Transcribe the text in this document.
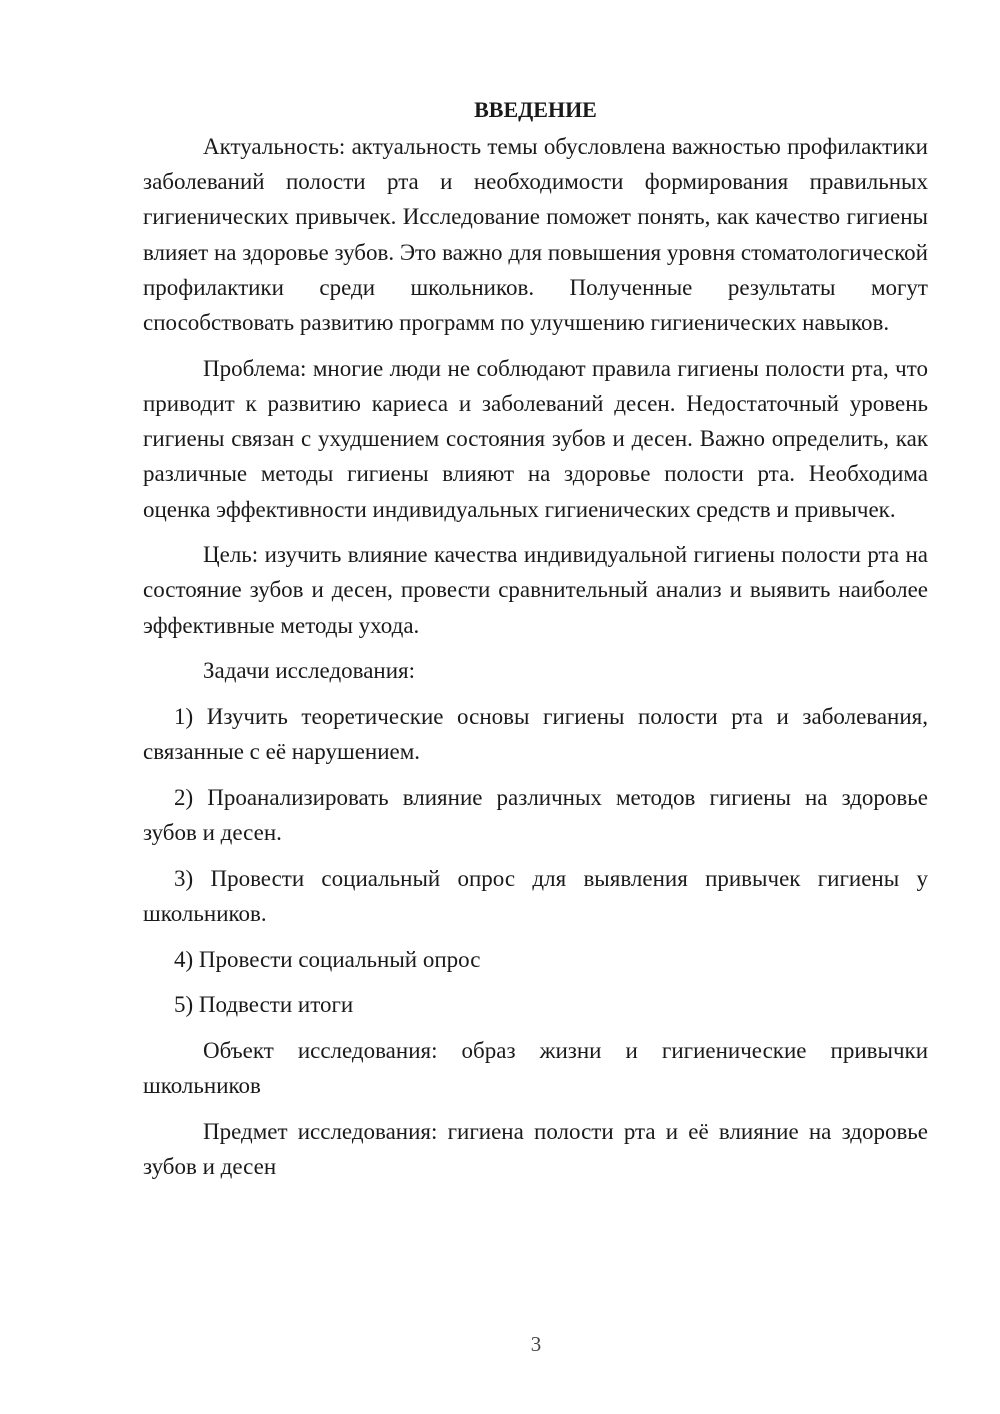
ВВЕДЕНИЕ

Актуальность: актуальность темы обусловлена важностью профилактики заболеваний полости рта и необходимости формирования правильных гигиенических привычек. Исследование поможет понять, как качество гигиены влияет на здоровье зубов. Это важно для повышения уровня стоматологической профилактики среди школьников. Полученные результаты могут способствовать развитию программ по улучшению гигиенических навыков.

Проблема: многие люди не соблюдают правила гигиены полости рта, что приводит к развитию кариеса и заболеваний десен. Недостаточный уровень гигиены связан с ухудшением состояния зубов и десен. Важно определить, как различные методы гигиены влияют на здоровье полости рта. Необходима оценка эффективности индивидуальных гигиенических средств и привычек.

Цель: изучить влияние качества индивидуальной гигиены полости рта на состояние зубов и десен, провести сравнительный анализ и выявить наиболее эффективные методы ухода.

Задачи исследования:

1) Изучить теоретические основы гигиены полости рта и заболевания, связанные с её нарушением.

2) Проанализировать влияние различных методов гигиены на здоровье зубов и десен.

3) Провести социальный опрос для выявления привычек гигиены у школьников.

4) Провести социальный опрос

5) Подвести итоги

Объект исследования: образ жизни и гигиенические привычки школьников

Предмет исследования: гигиена полости рта и её влияние на здоровье зубов и десен

3
